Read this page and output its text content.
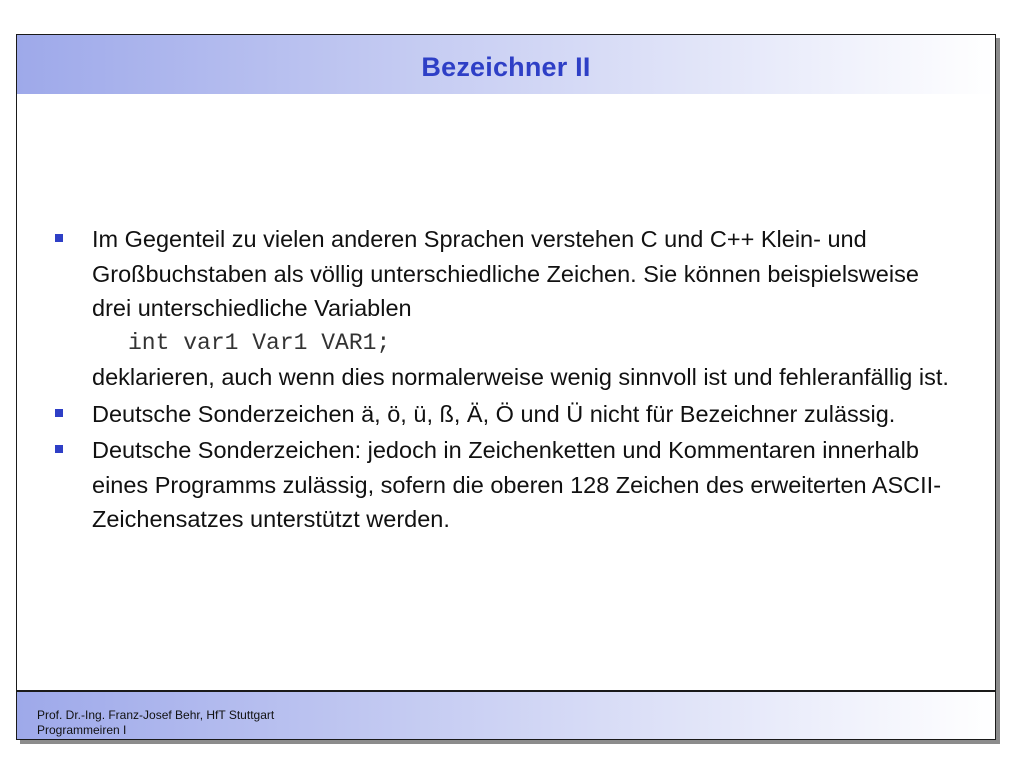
Bezeichner II
Im Gegenteil zu vielen anderen Sprachen verstehen C und C++ Klein- und Großbuchstaben als völlig unterschiedliche Zeichen. Sie können beispielsweise drei unterschiedliche Variablen
int var1 Var1 VAR1;
deklarieren, auch wenn dies normalerweise wenig sinnvoll ist und fehleranfällig ist.
Deutsche Sonderzeichen ä, ö, ü, ß, Ä, Ö und Ü nicht für Bezeichner zulässig.
Deutsche Sonderzeichen: jedoch in Zeichenketten und Kommentaren innerhalb eines Programms zulässig, sofern die oberen 128 Zeichen des erweiterten ASCII-Zeichensatzes unterstützt werden.
Prof. Dr.-Ing. Franz-Josef Behr, HfT Stuttgart
Programmeiren I
